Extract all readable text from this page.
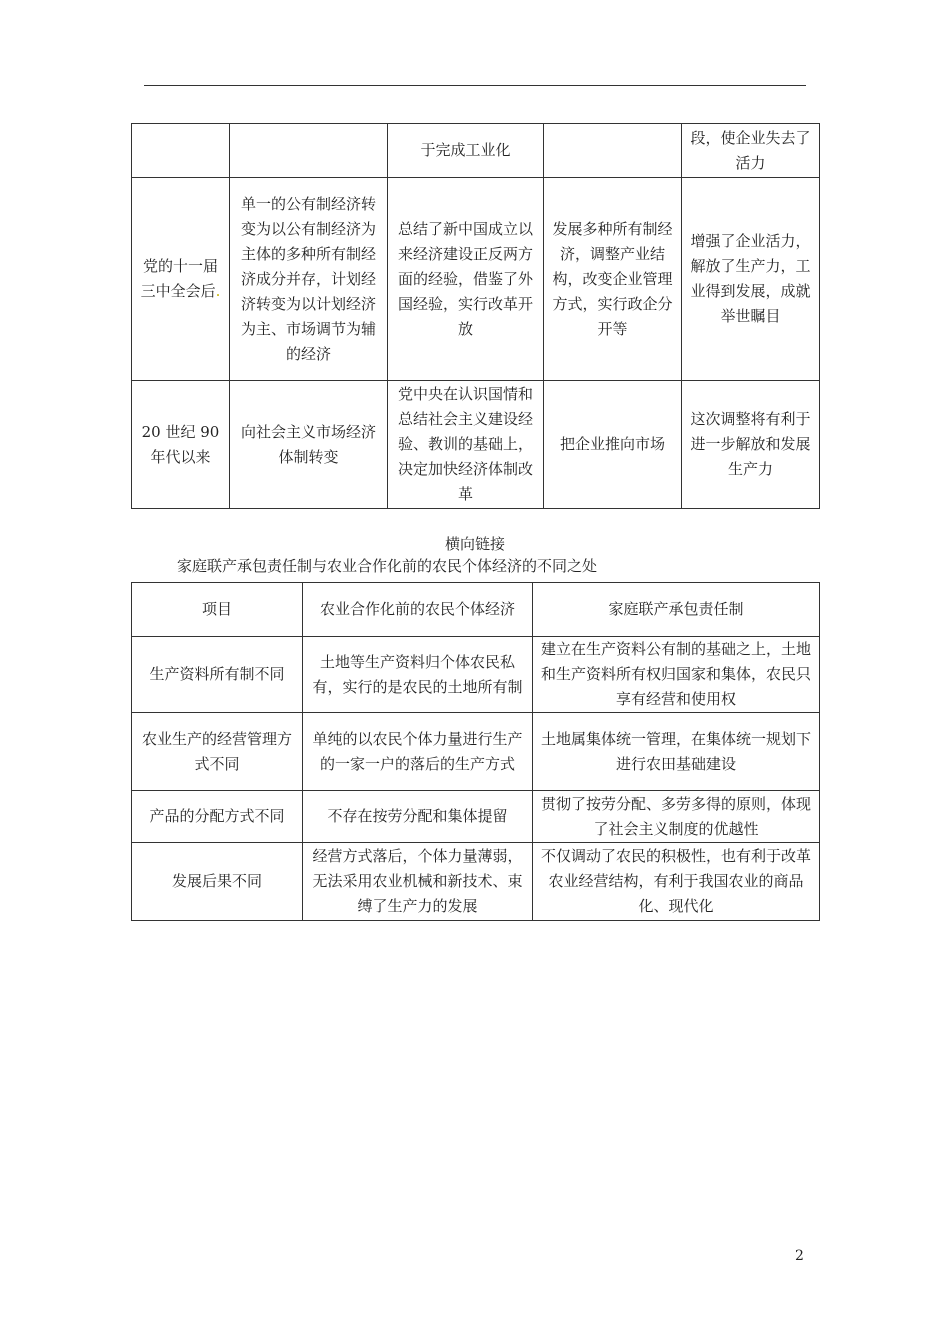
		于完成工业化		段，使企业失去了活力
党的十一届三中全会后.	单一的公有制经济转变为以公有制经济为主体的多种所有制经济成分并存，计划经济转变为以计划经济为主、市场调节为辅的经济	总结了新中国成立以来经济建设正反两方面的经验，借鉴了外国经验，实行改革开放	发展多种所有制经济，调整产业结构，改变企业管理方式，实行政企分开等	增强了企业活力，解放了生产力，工业得到发展，成就举世瞩目
20 世纪 90 年代以来	向社会主义市场经济体制转变	党中央在认识国情和总结社会主义建设经验、教训的基础上，决定加快经济体制改革	把企业推向市场	这次调整将有利于进一步解放和发展生产力
横向链接
家庭联产承包责任制与农业合作化前的农民个体经济的不同之处
项目	农业合作化前的农民个体经济	家庭联产承包责任制
生产资料所有制不同	土地等生产资料归个体农民私有，实行的是农民的土地所有制	建立在生产资料公有制的基础之上，土地和生产资料所有权归国家和集体，农民只享有经营和使用权
农业生产的经营管理方式不同	单纯的以农民个体力量进行生产的一家一户的落后的生产方式	土地属集体统一管理，在集体统一规划下进行农田基础建设
产品的分配方式不同	不存在按劳分配和集体提留	贯彻了按劳分配、多劳多得的原则，体现了社会主义制度的优越性
发展后果不同	经营方式落后，个体力量薄弱，无法采用农业机械和新技术、束缚了生产力的发展	不仅调动了农民的积极性，也有利于改革农业经营结构，有利于我国农业的商品化、现代化
2
